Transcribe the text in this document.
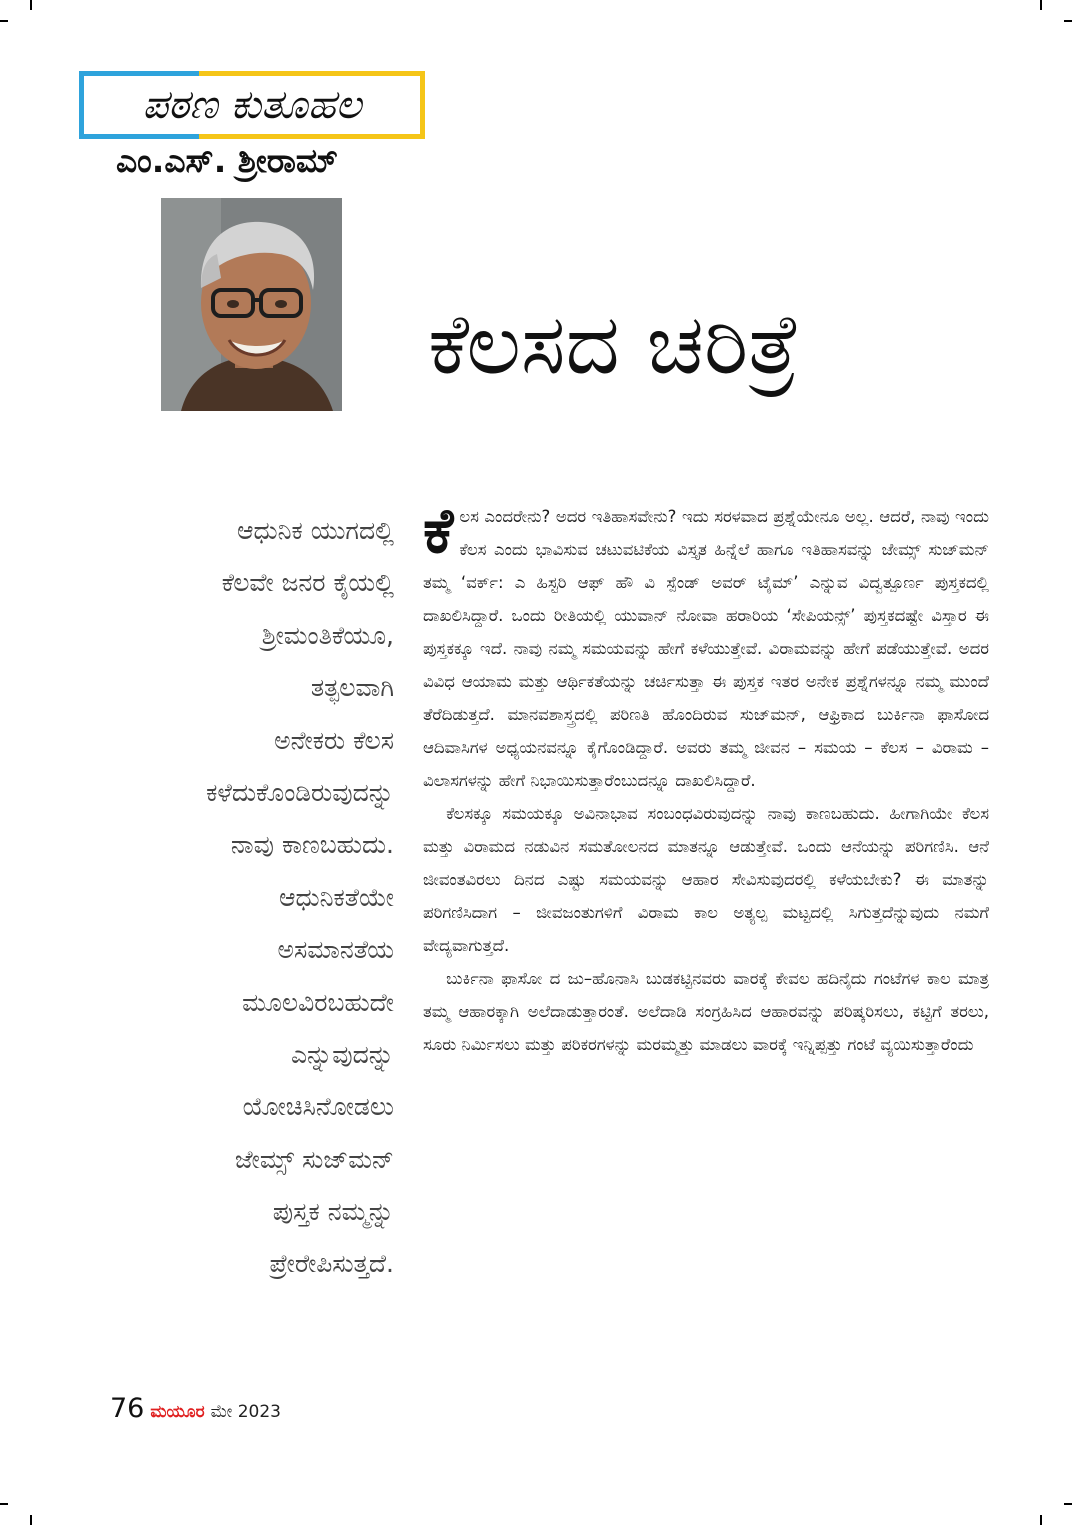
ಪಠಣ ಕುತೂಹಲ
ಎಂ.ಎಸ್. ಶ್ರೀರಾಮ್
ಕೆಲಸದ ಚರಿತ್ರೆ
ಆಧುನಿಕ ಯುಗದಲ್ಲಿ
ಕೆಲವೇ ಜನರ ಕೈಯಲ್ಲಿ
ಶ್ರೀಮಂತಿಕೆಯೂ,
ತತ್ಫಲವಾಗಿ
ಅನೇಕರು ಕೆಲಸ
ಕಳೆದುಕೊಂಡಿರುವುದನ್ನು
ನಾವು ಕಾಣಬಹುದು.
ಆಧುನಿಕತೆಯೇ
ಅಸಮಾನತೆಯ
ಮೂಲವಿರಬಹುದೇ
ಎನ್ನುವುದನ್ನು
ಯೋಚಿಸಿನೋಡಲು
ಜೇಮ್ಸ್ ಸುಜ್‌ಮನ್
ಪುಸ್ತಕ ನಮ್ಮನ್ನು
ಪ್ರೇರೇಪಿಸುತ್ತದೆ.

ಕೆಲಸ ಎಂದರೇನು? ಅದರ ಇತಿಹಾಸವೇನು? ಇದು ಸರಳವಾದ ಪ್ರಶ್ನೆಯೇನೂ ಅಲ್ಲ. ಆದರೆ, ನಾವು ಇಂದು ಕೆಲಸ ಎಂದು ಭಾವಿಸುವ ಚಟುವಟಿಕೆಯ ವಿಸ್ತೃತ ಹಿನ್ನೆಲೆ ಹಾಗೂ ಇತಿಹಾಸವನ್ನು ಜೇಮ್ಸ್ ಸುಜ್‌ಮನ್ ತಮ್ಮ ‘ವರ್ಕ್: ಎ ಹಿಸ್ಟರಿ ಆಫ್ ಹೌ ವಿ ಸ್ಪೆಂಡ್ ಅವರ್ ಟೈಮ್’ ಎನ್ನುವ ವಿದ್ವತ್ಪೂರ್ಣ ಪುಸ್ತಕದಲ್ಲಿ ದಾಖಲಿಸಿದ್ದಾರೆ. ಒಂದು ರೀತಿಯಲ್ಲಿ ಯುವಾನ್ ನೋವಾ ಹರಾರಿಯ ‘ಸೇಪಿಯನ್ಸ್’ ಪುಸ್ತಕದಷ್ಟೇ ವಿಸ್ತಾರ ಈ ಪುಸ್ತಕಕ್ಕೂ ಇದೆ. ನಾವು ನಮ್ಮ ಸಮಯವನ್ನು ಹೇಗೆ ಕಳೆಯುತ್ತೇವೆ. ವಿರಾಮವನ್ನು ಹೇಗೆ ಪಡೆಯುತ್ತೇವೆ. ಅದರ ವಿವಿಧ ಆಯಾಮ ಮತ್ತು ಆರ್ಥಿಕತೆಯನ್ನು ಚರ್ಚಿಸುತ್ತಾ ಈ ಪುಸ್ತಕ ಇತರ ಅನೇಕ ಪ್ರಶ್ನೆಗಳನ್ನೂ ನಮ್ಮ ಮುಂದೆ ತೆರೆದಿಡುತ್ತದೆ. ಮಾನವಶಾಸ್ತ್ರದಲ್ಲಿ ಪರಿಣತಿ ಹೊಂದಿರುವ ಸುಜ್‌ಮನ್, ಆಫ್ರಿಕಾದ ಬುರ್ಕಿನಾ ಫಾಸೋದ ಆದಿವಾಸಿಗಳ ಅಧ್ಯಯನವನ್ನೂ ಕೈಗೊಂಡಿದ್ದಾರೆ. ಅವರು ತಮ್ಮ ಜೀವನ – ಸಮಯ – ಕೆಲಸ – ವಿರಾಮ – ವಿಲಾಸಗಳನ್ನು ಹೇಗೆ ನಿಭಾಯಿಸುತ್ತಾರೆಂಬುದನ್ನೂ ದಾಖಲಿಸಿದ್ದಾರೆ.

ಕೆಲಸಕ್ಕೂ ಸಮಯಕ್ಕೂ ಅವಿನಾಭಾವ ಸಂಬಂಧವಿರುವುದನ್ನು ನಾವು ಕಾಣಬಹುದು. ಹೀಗಾಗಿಯೇ ಕೆಲಸ ಮತ್ತು ವಿರಾಮದ ನಡುವಿನ ಸಮತೋಲನದ ಮಾತನ್ನೂ ಆಡುತ್ತೇವೆ. ಒಂದು ಆನೆಯನ್ನು ಪರಿಗಣಿಸಿ. ಆನೆ ಜೀವಂತವಿರಲು ದಿನದ ಎಷ್ಟು ಸಮಯವನ್ನು ಆಹಾರ ಸೇವಿಸುವುದರಲ್ಲಿ ಕಳೆಯಬೇಕು? ಈ ಮಾತನ್ನು ಪರಿಗಣಿಸಿದಾಗ – ಜೀವಜಂತುಗಳಿಗೆ ವಿರಾಮ ಕಾಲ ಅತ್ಯಲ್ಪ ಮಟ್ಟದಲ್ಲಿ ಸಿಗುತ್ತದೆನ್ನುವುದು ನಮಗೆ ವೇದ್ಯವಾಗುತ್ತದೆ.

ಬುರ್ಕಿನಾ ಫಾಸೋ ದ ಜು–ಹೊನಾಸಿ ಬುಡಕಟ್ಟಿನವರು ವಾರಕ್ಕೆ ಕೇವಲ ಹದಿನೈದು ಗಂಟೆಗಳ ಕಾಲ ಮಾತ್ರ ತಮ್ಮ ಆಹಾರಕ್ಕಾಗಿ ಅಲೆದಾಡುತ್ತಾರಂತೆ. ಅಲೆದಾಡಿ ಸಂಗ್ರಹಿಸಿದ ಆಹಾರವನ್ನು ಪರಿಷ್ಕರಿಸಲು, ಕಟ್ಟಿಗೆ ತರಲು, ಸೂರು ನಿರ್ಮಿಸಲು ಮತ್ತು ಪರಿಕರಗಳನ್ನು ಮರಮ್ಮತ್ತು ಮಾಡಲು ವಾರಕ್ಕೆ ಇನ್ನಿಪ್ಪತ್ತು ಗಂಟೆ ವ್ಯಯಿಸುತ್ತಾರೆಂದು

76 ಮಯೂರ ಮೇ 2023
